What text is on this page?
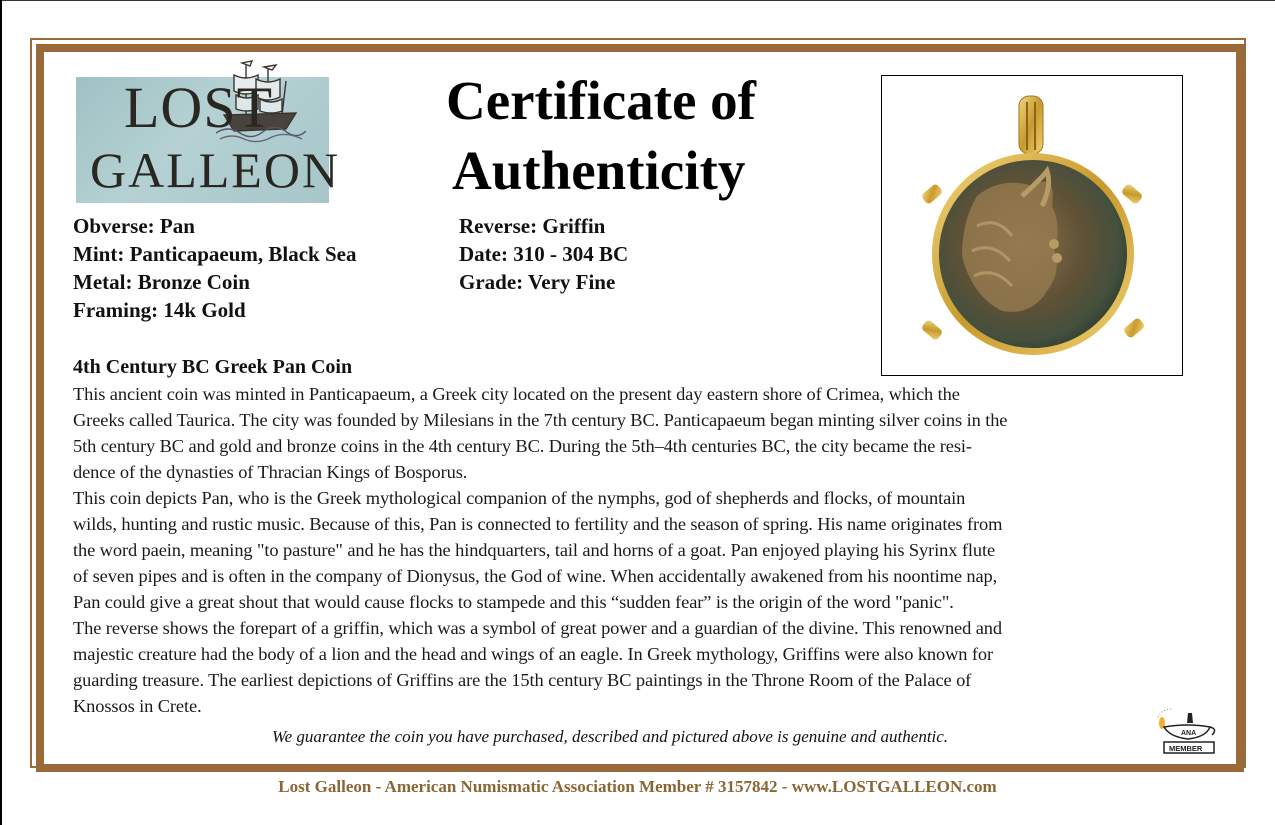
LOST
GALLEON
Certificate of
Authenticity
Obverse: Pan
Mint: Panticapaeum, Black Sea
Metal: Bronze Coin
Framing: 14k Gold
Reverse: Griffin
Date: 310 - 304 BC
Grade: Very Fine
4th Century BC Greek Pan Coin

This ancient coin was minted in Panticapaeum, a Greek city located on the present day eastern shore of Crimea, which the

Greeks called Taurica. The city was founded by Milesians in the 7th century BC. Panticapaeum began minting silver coins in the

5th century BC and gold and bronze coins in the 4th century BC. During the 5th–4th centuries BC, the city became the resi-

dence of the dynasties of Thracian Kings of Bosporus.

This coin depicts Pan, who is the Greek mythological companion of the nymphs, god of shepherds and flocks, of mountain

wilds, hunting and rustic music. Because of this, Pan is connected to fertility and the season of spring. His name originates from

the word paein, meaning "to pasture" and he has the hindquarters, tail and horns of a goat. Pan enjoyed playing his Syrinx flute

of seven pipes and is often in the company of Dionysus, the God of wine. When accidentally awakened from his noontime nap,

Pan could give a great shout that would cause flocks to stampede and this “sudden fear” is the origin of the word "panic".

The reverse shows the forepart of a griffin, which was a symbol of great power and a guardian of the divine. This renowned and

majestic creature had the body of a lion and the head and wings of an eagle. In Greek mythology, Griffins were also known for

guarding treasure. The earliest depictions of Griffins are the 15th century BC paintings in the Throne Room of the Palace of

Knossos in Crete.

We guarantee the coin you have purchased, described and pictured above is genuine and authentic.	ANA
MEMBER
Lost Galleon - American Numismatic Association Member # 3157842 - www.LOSTGALLEON.com
